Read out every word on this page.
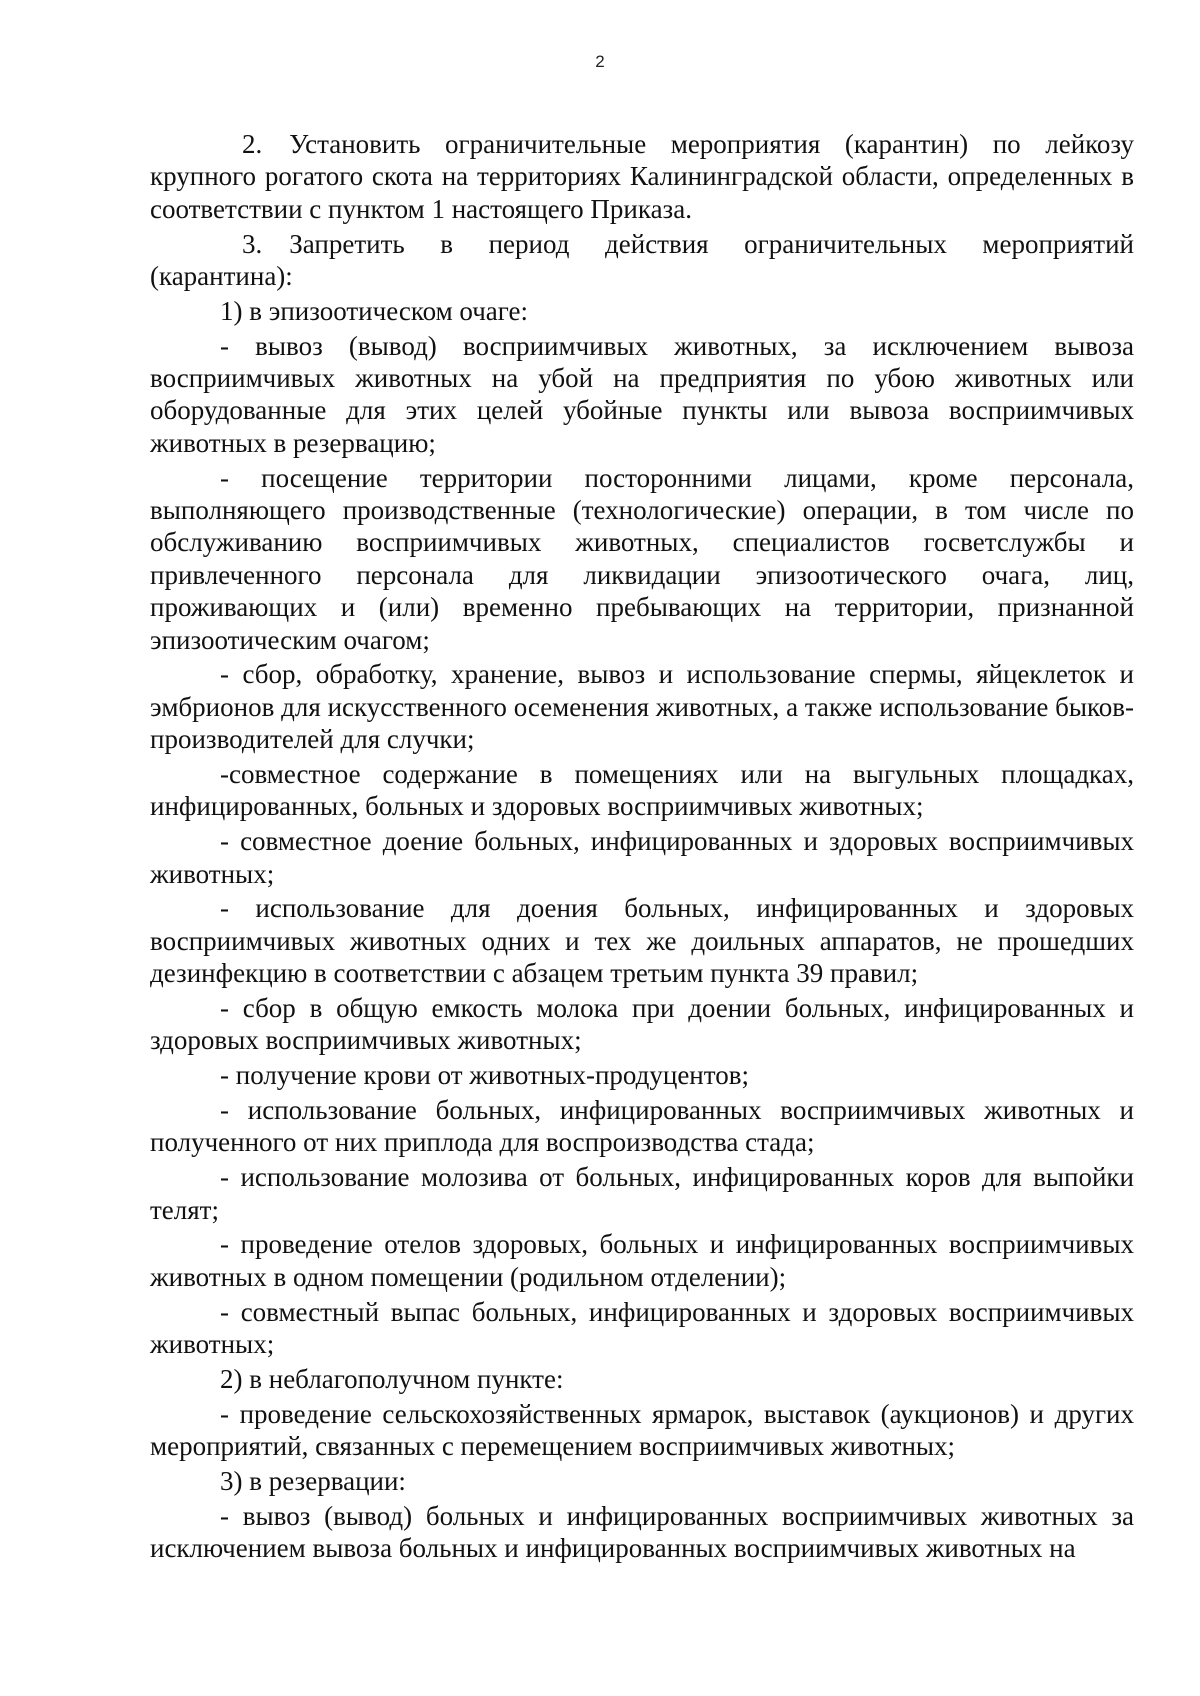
2

2. Установить ограничительные мероприятия (карантин) по лейкозу крупного рогатого скота на территориях Калининградской области, определенных в соответствии с пунктом 1 настоящего Приказа.

3. Запретить в период действия ограничительных мероприятий (карантина):

1) в эпизоотическом очаге:

- вывоз (вывод) восприимчивых животных, за исключением вывоза восприимчивых животных на убой на предприятия по убою животных или оборудованные для этих целей убойные пункты или вывоза восприимчивых животных в резервацию;

- посещение территории посторонними лицами, кроме персонала, выполняющего производственные (технологические) операции, в том числе по обслуживанию восприимчивых животных, специалистов госветслужбы и привлеченного персонала для ликвидации эпизоотического очага, лиц, проживающих и (или) временно пребывающих на территории, признанной эпизоотическим очагом;

- сбор, обработку, хранение, вывоз и использование спермы, яйцеклеток и эмбрионов для искусственного осеменения животных, а также использование быков-производителей для случки;

-совместное содержание в помещениях или на выгульных площадках, инфицированных, больных и здоровых восприимчивых животных;

- совместное доение больных, инфицированных и здоровых восприимчивых животных;

- использование для доения больных, инфицированных и здоровых восприимчивых животных одних и тех же доильных аппаратов, не прошедших дезинфекцию в соответствии с абзацем третьим пункта 39 правил;

- сбор в общую емкость молока при доении больных, инфицированных и здоровых восприимчивых животных;

- получение крови от животных-продуцентов;

- использование больных, инфицированных восприимчивых животных и полученного от них приплода для воспроизводства стада;

- использование молозива от больных, инфицированных коров для выпойки телят;

- проведение отелов здоровых, больных и инфицированных восприимчивых животных в одном помещении (родильном отделении);

- совместный выпас больных, инфицированных и здоровых восприимчивых животных;

2) в неблагополучном пункте:

- проведение сельскохозяйственных ярмарок, выставок (аукционов) и других мероприятий, связанных с перемещением восприимчивых животных;

3) в резервации:

- вывоз (вывод) больных и инфицированных восприимчивых животных за исключением вывоза больных и инфицированных восприимчивых животных на
